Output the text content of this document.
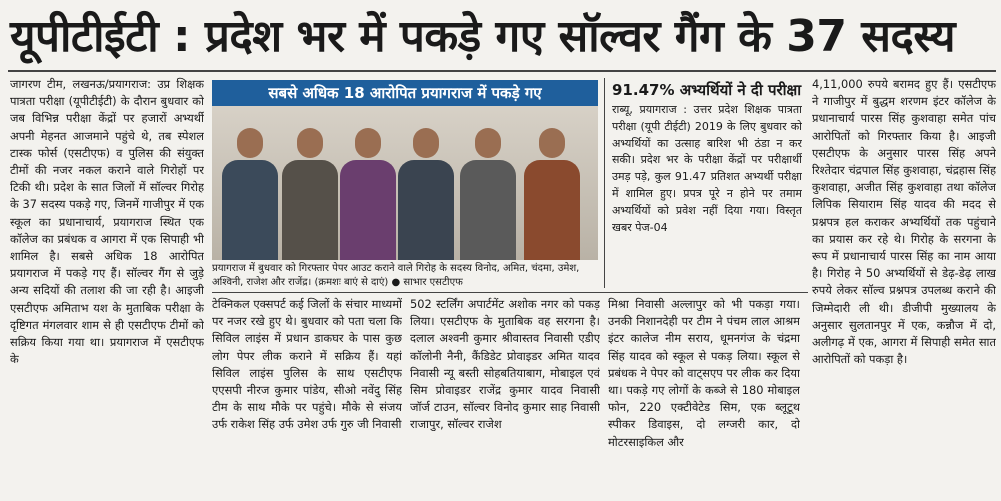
यूपीटीईटी : प्रदेश भर में पकड़े गए सॉल्वर गैंग के 37 सदस्य

जागरण टीम, लखनऊ/प्रयागराज: उप्र शिक्षक पात्रता परीक्षा (यूपीटीईटी) के दौरान बुधवार को जब विभिन्न परीक्षा केंद्रों पर हजारों अभ्यर्थी अपनी मेहनत आजमाने पहुंचे थे, तब स्पेशल टास्क फोर्स (एसटीएफ) व पुलिस की संयुक्त टीमों की नजर नकल कराने वाले गिरोहों पर टिकी थी। प्रदेश के सात जिलों में सॉल्वर गिरोह के 37 सदस्य पकड़े गए, जिनमें गाजीपुर में एक स्कूल का प्रधानाचार्य, प्रयागराज स्थित एक कॉलेज का प्रबंधक व आगरा में एक सिपाही भी शामिल है। सबसे अधिक 18 आरोपित प्रयागराज में पकड़े गए हैं। सॉल्वर गैंग से जुड़े अन्य सदियों की तलाश की जा रही है। आइजी एसटीएफ अमिताभ यश के मुताबिक परीक्षा के दृष्टिगत मंगलवार शाम से ही एसटीएफ टीमों को सक्रिय किया गया था। प्रयागराज में एसटीएफ के

सबसे अधिक 18 आरोपित प्रयागराज में पकड़े गए
प्रयागराज में बुधवार को गिरफ्तार पेपर आउट कराने वाले गिरोह के सदस्य विनोद, अमित, चंदमा, उमेश, अश्विनी, राजेश और राजेंद्र। (क्रमशः बाएं से दाएं) ● साभार एसटीएफ
91.47% अभ्यर्थियों ने दी परीक्षा

राब्यू, प्रयागराज : उत्तर प्रदेश शिक्षक पात्रता परीक्षा (यूपी टीईटी) 2019 के लिए बुधवार को अभ्यर्थियों का उत्साह बारिश भी ठंडा न कर सकी। प्रदेश भर के परीक्षा केंद्रों पर परीक्षार्थी उमड़ पड़े, कुल 91.47 प्रतिशत अभ्यर्थी परीक्षा में शामिल हुए। प्रपत्र पूरे न होने पर तमाम अभ्यर्थियों को प्रवेश नहीं दिया गया। विस्तृत खबर पेज-04

टेक्निकल एक्सपर्ट कई जिलों के संचार माध्यमों पर नजर रखे हुए थे। बुधवार को पता चला कि सिविल लाइंस में प्रधान डाकघर के पास कुछ लोग पेपर लीक कराने में सक्रिय हैं। यहां सिविल लाइंस पुलिस के साथ एसटीएफ एएसपी नीरज कुमार पांडेय, सीओ नवेंदु सिंह टीम के साथ मौके पर पहुंचे। मौके से संजय उर्फ राकेश सिंह उर्फ उमेश उर्फ गुरु जी निवासी

502 स्टर्लिंग अपार्टमेंट अशोक नगर को पकड़ लिया। एसटीएफ के मुताबिक वह सरगना है। दलाल अश्वनी कुमार श्रीवास्तव निवासी एडीए कॉलोनी नैनी, कैंडिडेट प्रोवाइडर अमित यादव निवासी न्यू बस्ती सोहबतियाबाग, मोबाइल एवं सिम प्रोवाइडर राजेंद्र कुमार यादव निवासी जॉर्ज टाउन, सॉल्वर विनोद कुमार साह निवासी राजापुर, सॉल्वर राजेश

मिश्रा निवासी अल्लापुर को भी पकड़ा गया। उनकी निशानदेही पर टीम ने पंचम लाल आश्रम इंटर कालेज नीम सराय, धूमनगंज के चंद्रमा सिंह यादव को स्कूल से पकड़ लिया। स्कूल से प्रबंधक ने पेपर को वाट्सएप पर लीक कर दिया था। पकड़े गए लोगों के कब्जे से 180 मोबाइल फोन, 220 एक्टीवेटेड सिम, एक ब्लूटूथ स्पीकर डिवाइस, दो लग्जरी कार, दो मोटरसाइकिल और

4,11,000 रुपये बरामद हुए हैं। एसटीएफ ने गाजीपुर में बुद्धम शरणम इंटर कॉलेज के प्रधानाचार्य पारस सिंह कुशवाहा समेत पांच आरोपितों को गिरफ्तार किया है। आइजी एसटीएफ के अनुसार पारस सिंह अपने रिश्तेदार चंद्रपाल सिंह कुशवाहा, चंद्रहास सिंह कुशवाहा, अजीत सिंह कुशवाहा तथा कॉलेज लिपिक सियाराम सिंह यादव की मदद से प्रश्नपत्र हल कराकर अभ्यर्थियों तक पहुंचाने का प्रयास कर रहे थे। गिरोह के सरगना के रूप में प्रधानाचार्य पारस सिंह का नाम आया है। गिरोह ने 50 अभ्यर्थियों से डेढ़-डेढ़ लाख रुपये लेकर सॉल्व प्रश्नपत्र उपलब्ध कराने की जिम्मेदारी ली थी। डीजीपी मुख्यालय के अनुसार सुलतानपुर में एक, कन्नौज में दो, अलीगढ़ में एक, आगरा में सिपाही समेत सात आरोपितों को पकड़ा है।
